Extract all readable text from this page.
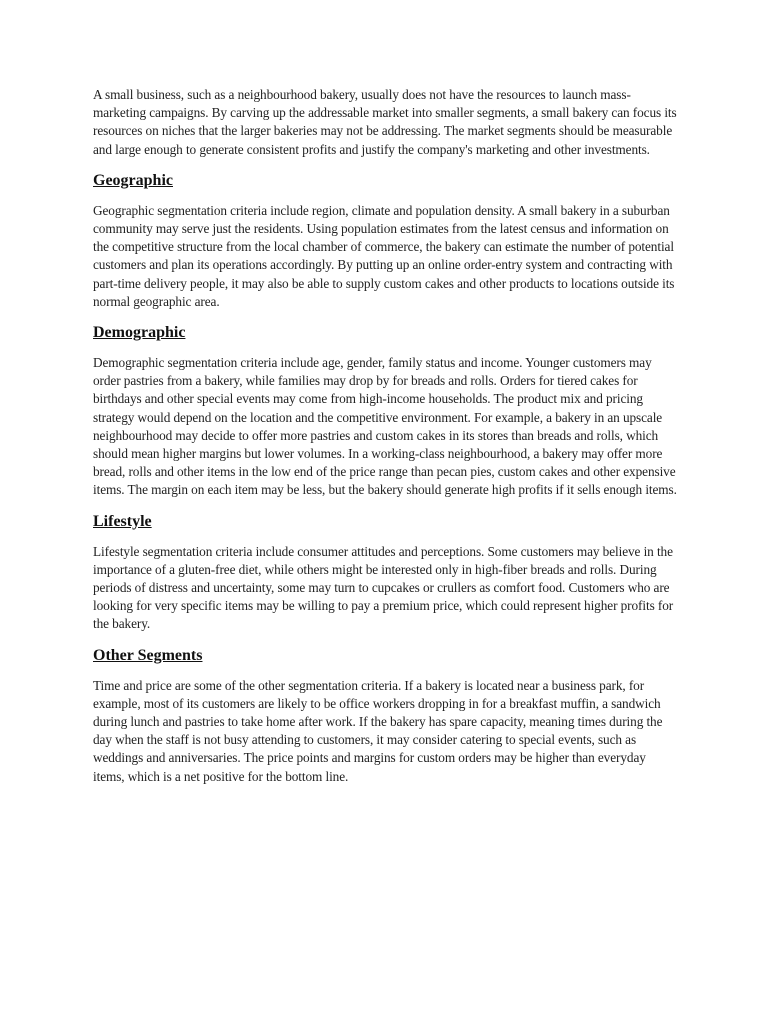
A small business, such as a neighbourhood bakery, usually does not have the resources to launch mass-marketing campaigns. By carving up the addressable market into smaller segments, a small bakery can focus its resources on niches that the larger bakeries may not be addressing. The market segments should be measurable and large enough to generate consistent profits and justify the company's marketing and other investments.

Geographic

Geographic segmentation criteria include region, climate and population density. A small bakery in a suburban community may serve just the residents. Using population estimates from the latest census and information on the competitive structure from the local chamber of commerce, the bakery can estimate the number of potential customers and plan its operations accordingly. By putting up an online order-entry system and contracting with part-time delivery people, it may also be able to supply custom cakes and other products to locations outside its normal geographic area.

Demographic

Demographic segmentation criteria include age, gender, family status and income. Younger customers may order pastries from a bakery, while families may drop by for breads and rolls. Orders for tiered cakes for birthdays and other special events may come from high-income households. The product mix and pricing strategy would depend on the location and the competitive environment. For example, a bakery in an upscale neighbourhood may decide to offer more pastries and custom cakes in its stores than breads and rolls, which should mean higher margins but lower volumes. In a working-class neighbourhood, a bakery may offer more bread, rolls and other items in the low end of the price range than pecan pies, custom cakes and other expensive items. The margin on each item may be less, but the bakery should generate high profits if it sells enough items.

Lifestyle

Lifestyle segmentation criteria include consumer attitudes and perceptions. Some customers may believe in the importance of a gluten-free diet, while others might be interested only in high-fiber breads and rolls. During periods of distress and uncertainty, some may turn to cupcakes or crullers as comfort food. Customers who are looking for very specific items may be willing to pay a premium price, which could represent higher profits for the bakery.

Other Segments

Time and price are some of the other segmentation criteria. If a bakery is located near a business park, for example, most of its customers are likely to be office workers dropping in for a breakfast muffin, a sandwich during lunch and pastries to take home after work. If the bakery has spare capacity, meaning times during the day when the staff is not busy attending to customers, it may consider catering to special events, such as weddings and anniversaries. The price points and margins for custom orders may be higher than everyday items, which is a net positive for the bottom line.
